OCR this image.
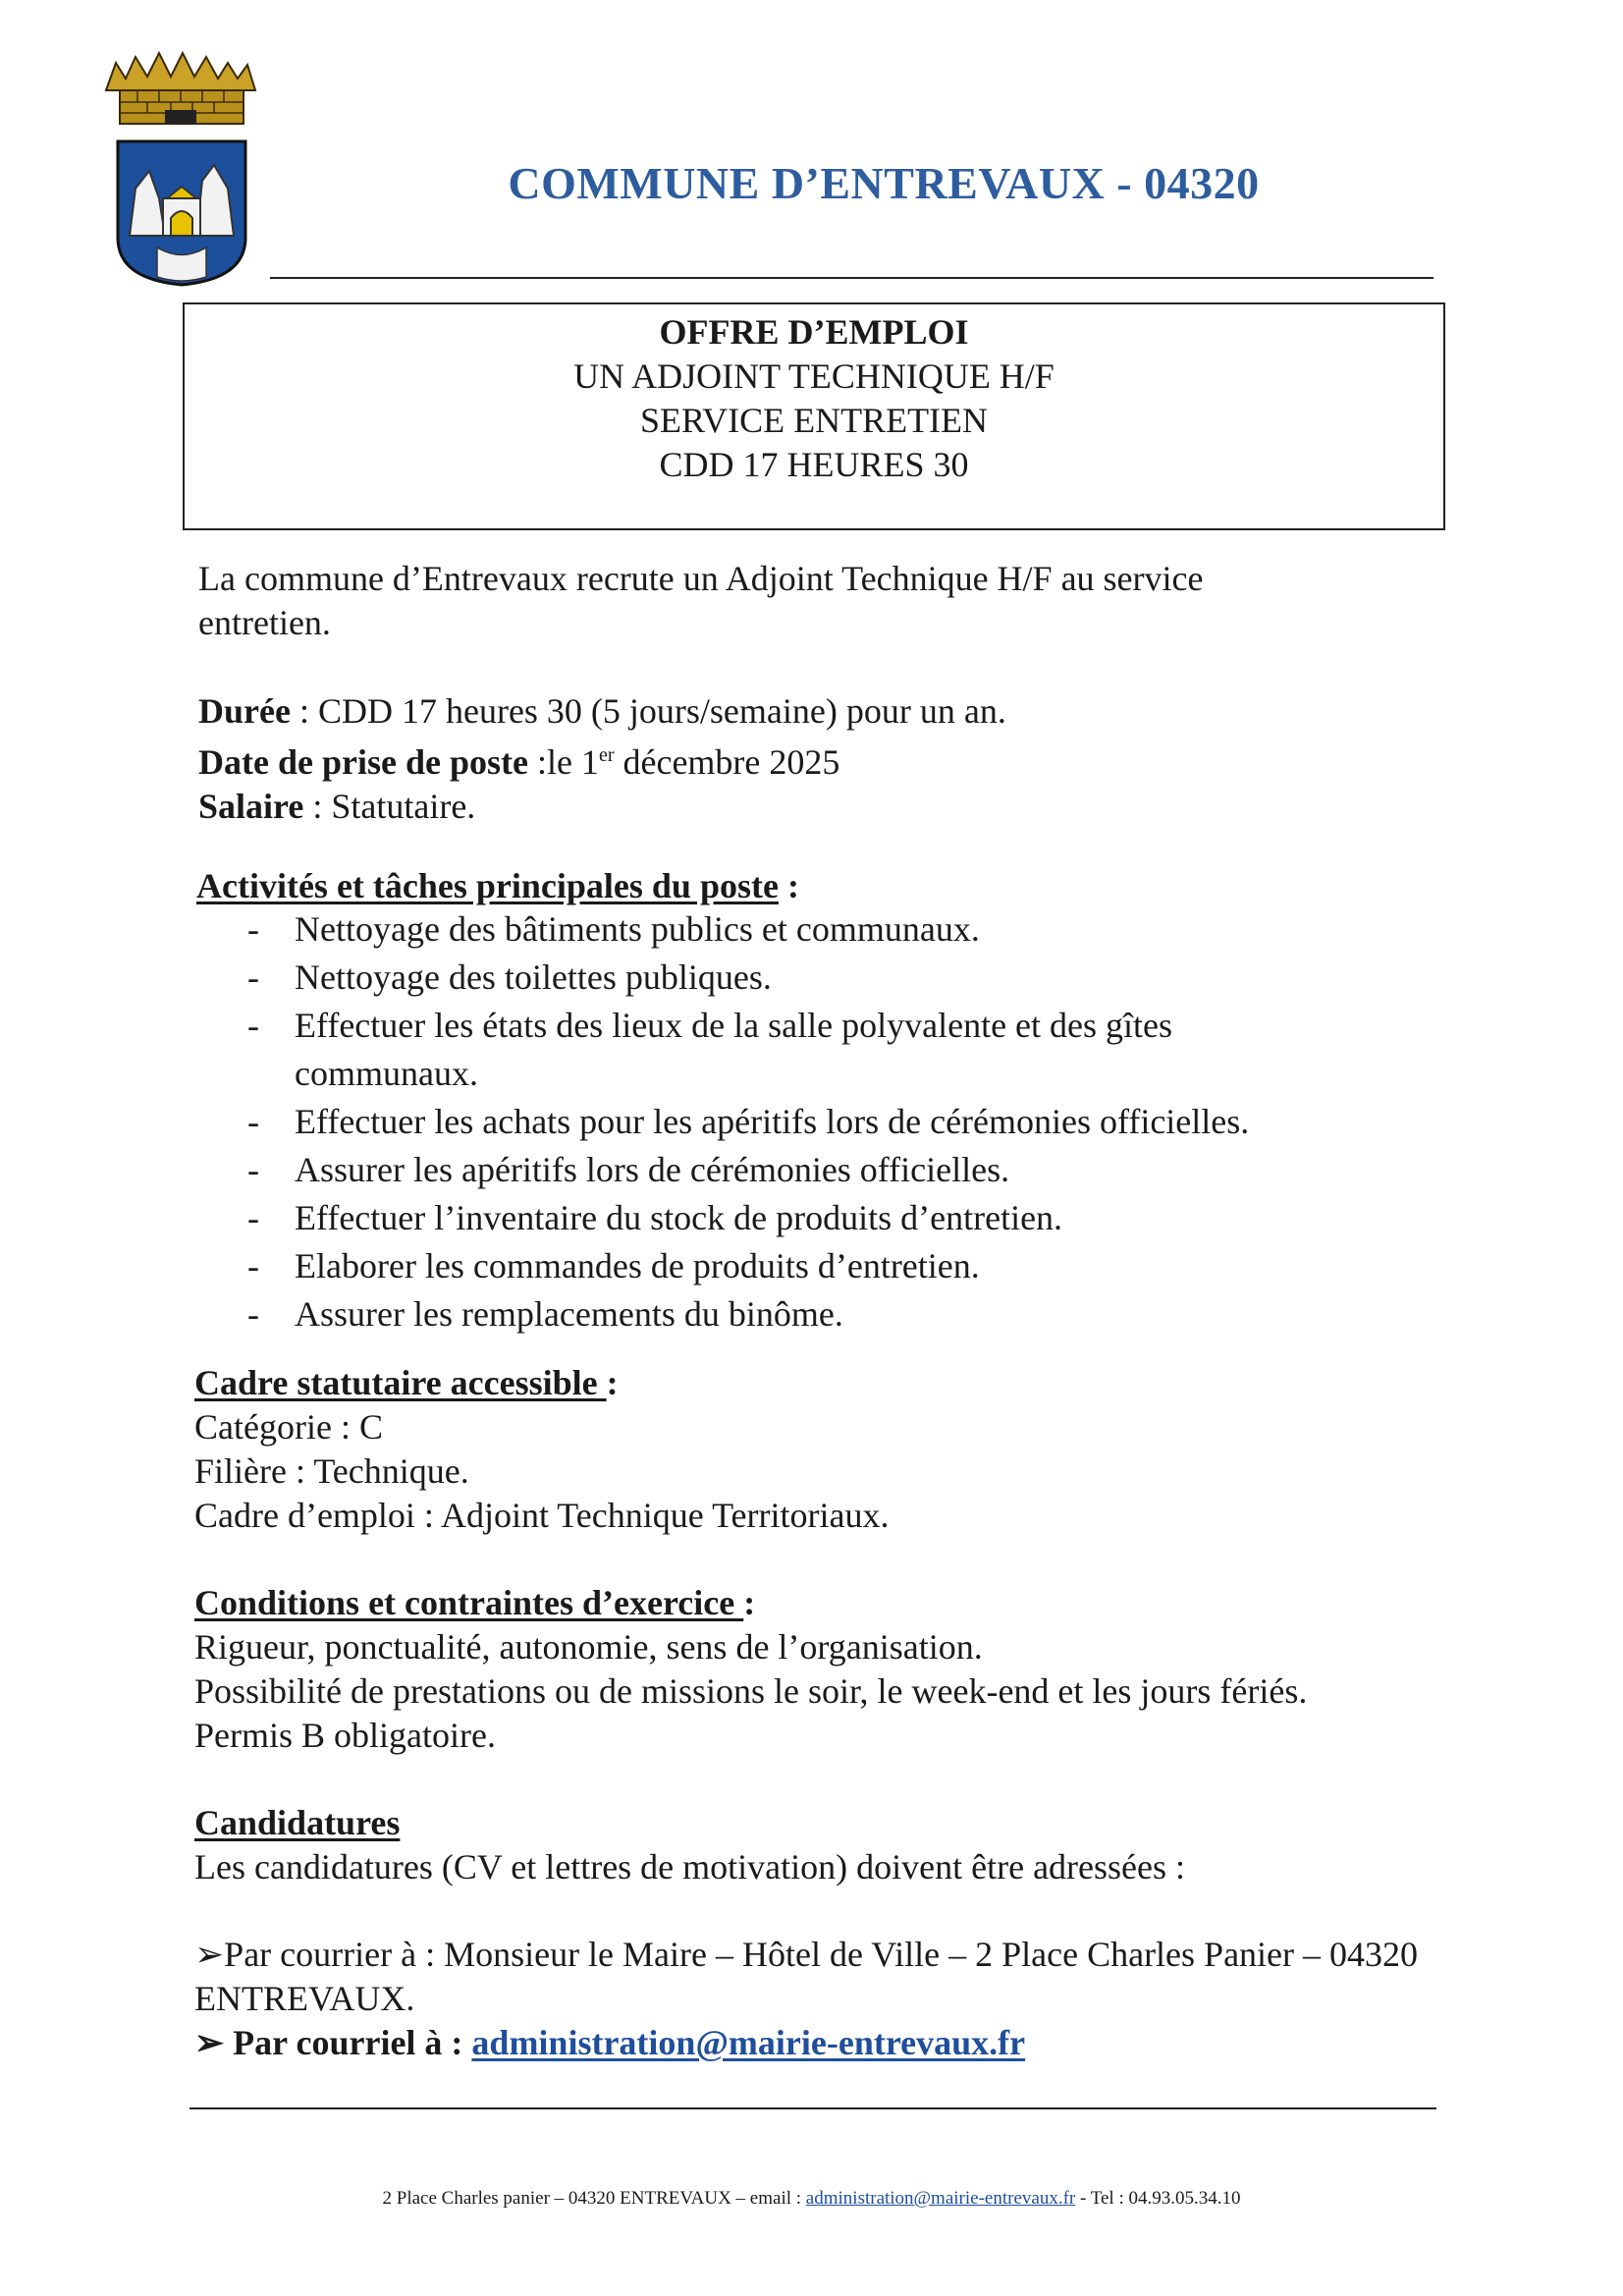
COMMUNE D’ENTREVAUX - 04320
OFFRE D’EMPLOI
UN ADJOINT TECHNIQUE H/F
SERVICE ENTRETIEN
CDD 17 HEURES 30
La commune d’Entrevaux recrute un Adjoint Technique H/F au service entretien.
Durée : CDD 17 heures 30 (5 jours/semaine) pour un an.
Date de prise de poste :le 1er décembre 2025
Salaire : Statutaire.
Activités et tâches principales du poste :
- Nettoyage des bâtiments publics et communaux.
- Nettoyage des toilettes publiques.
- Effectuer les états des lieux de la salle polyvalente et des gîtes communaux.
- Effectuer les achats pour les apéritifs lors de cérémonies officielles.
- Assurer les apéritifs lors de cérémonies officielles.
- Effectuer l’inventaire du stock de produits d’entretien.
- Elaborer les commandes de produits d’entretien.
- Assurer les remplacements du binôme.
Cadre statutaire accessible :
Catégorie : C
Filière : Technique.
Cadre d’emploi : Adjoint Technique Territoriaux.
Conditions et contraintes d’exercice :
Rigueur, ponctualité, autonomie, sens de l’organisation.
Possibilité de prestations ou de missions le soir, le week-end et les jours fériés.
Permis B obligatoire.
Candidatures
Les candidatures (CV et lettres de motivation) doivent être adressées :
➢Par courrier à : Monsieur le Maire – Hôtel de Ville – 2 Place Charles Panier – 04320 ENTREVAUX.
➢ Par courriel à : administration@mairie-entrevaux.fr
2 Place Charles panier – 04320 ENTREVAUX – email : administration@mairie-entrevaux.fr - Tel : 04.93.05.34.10
